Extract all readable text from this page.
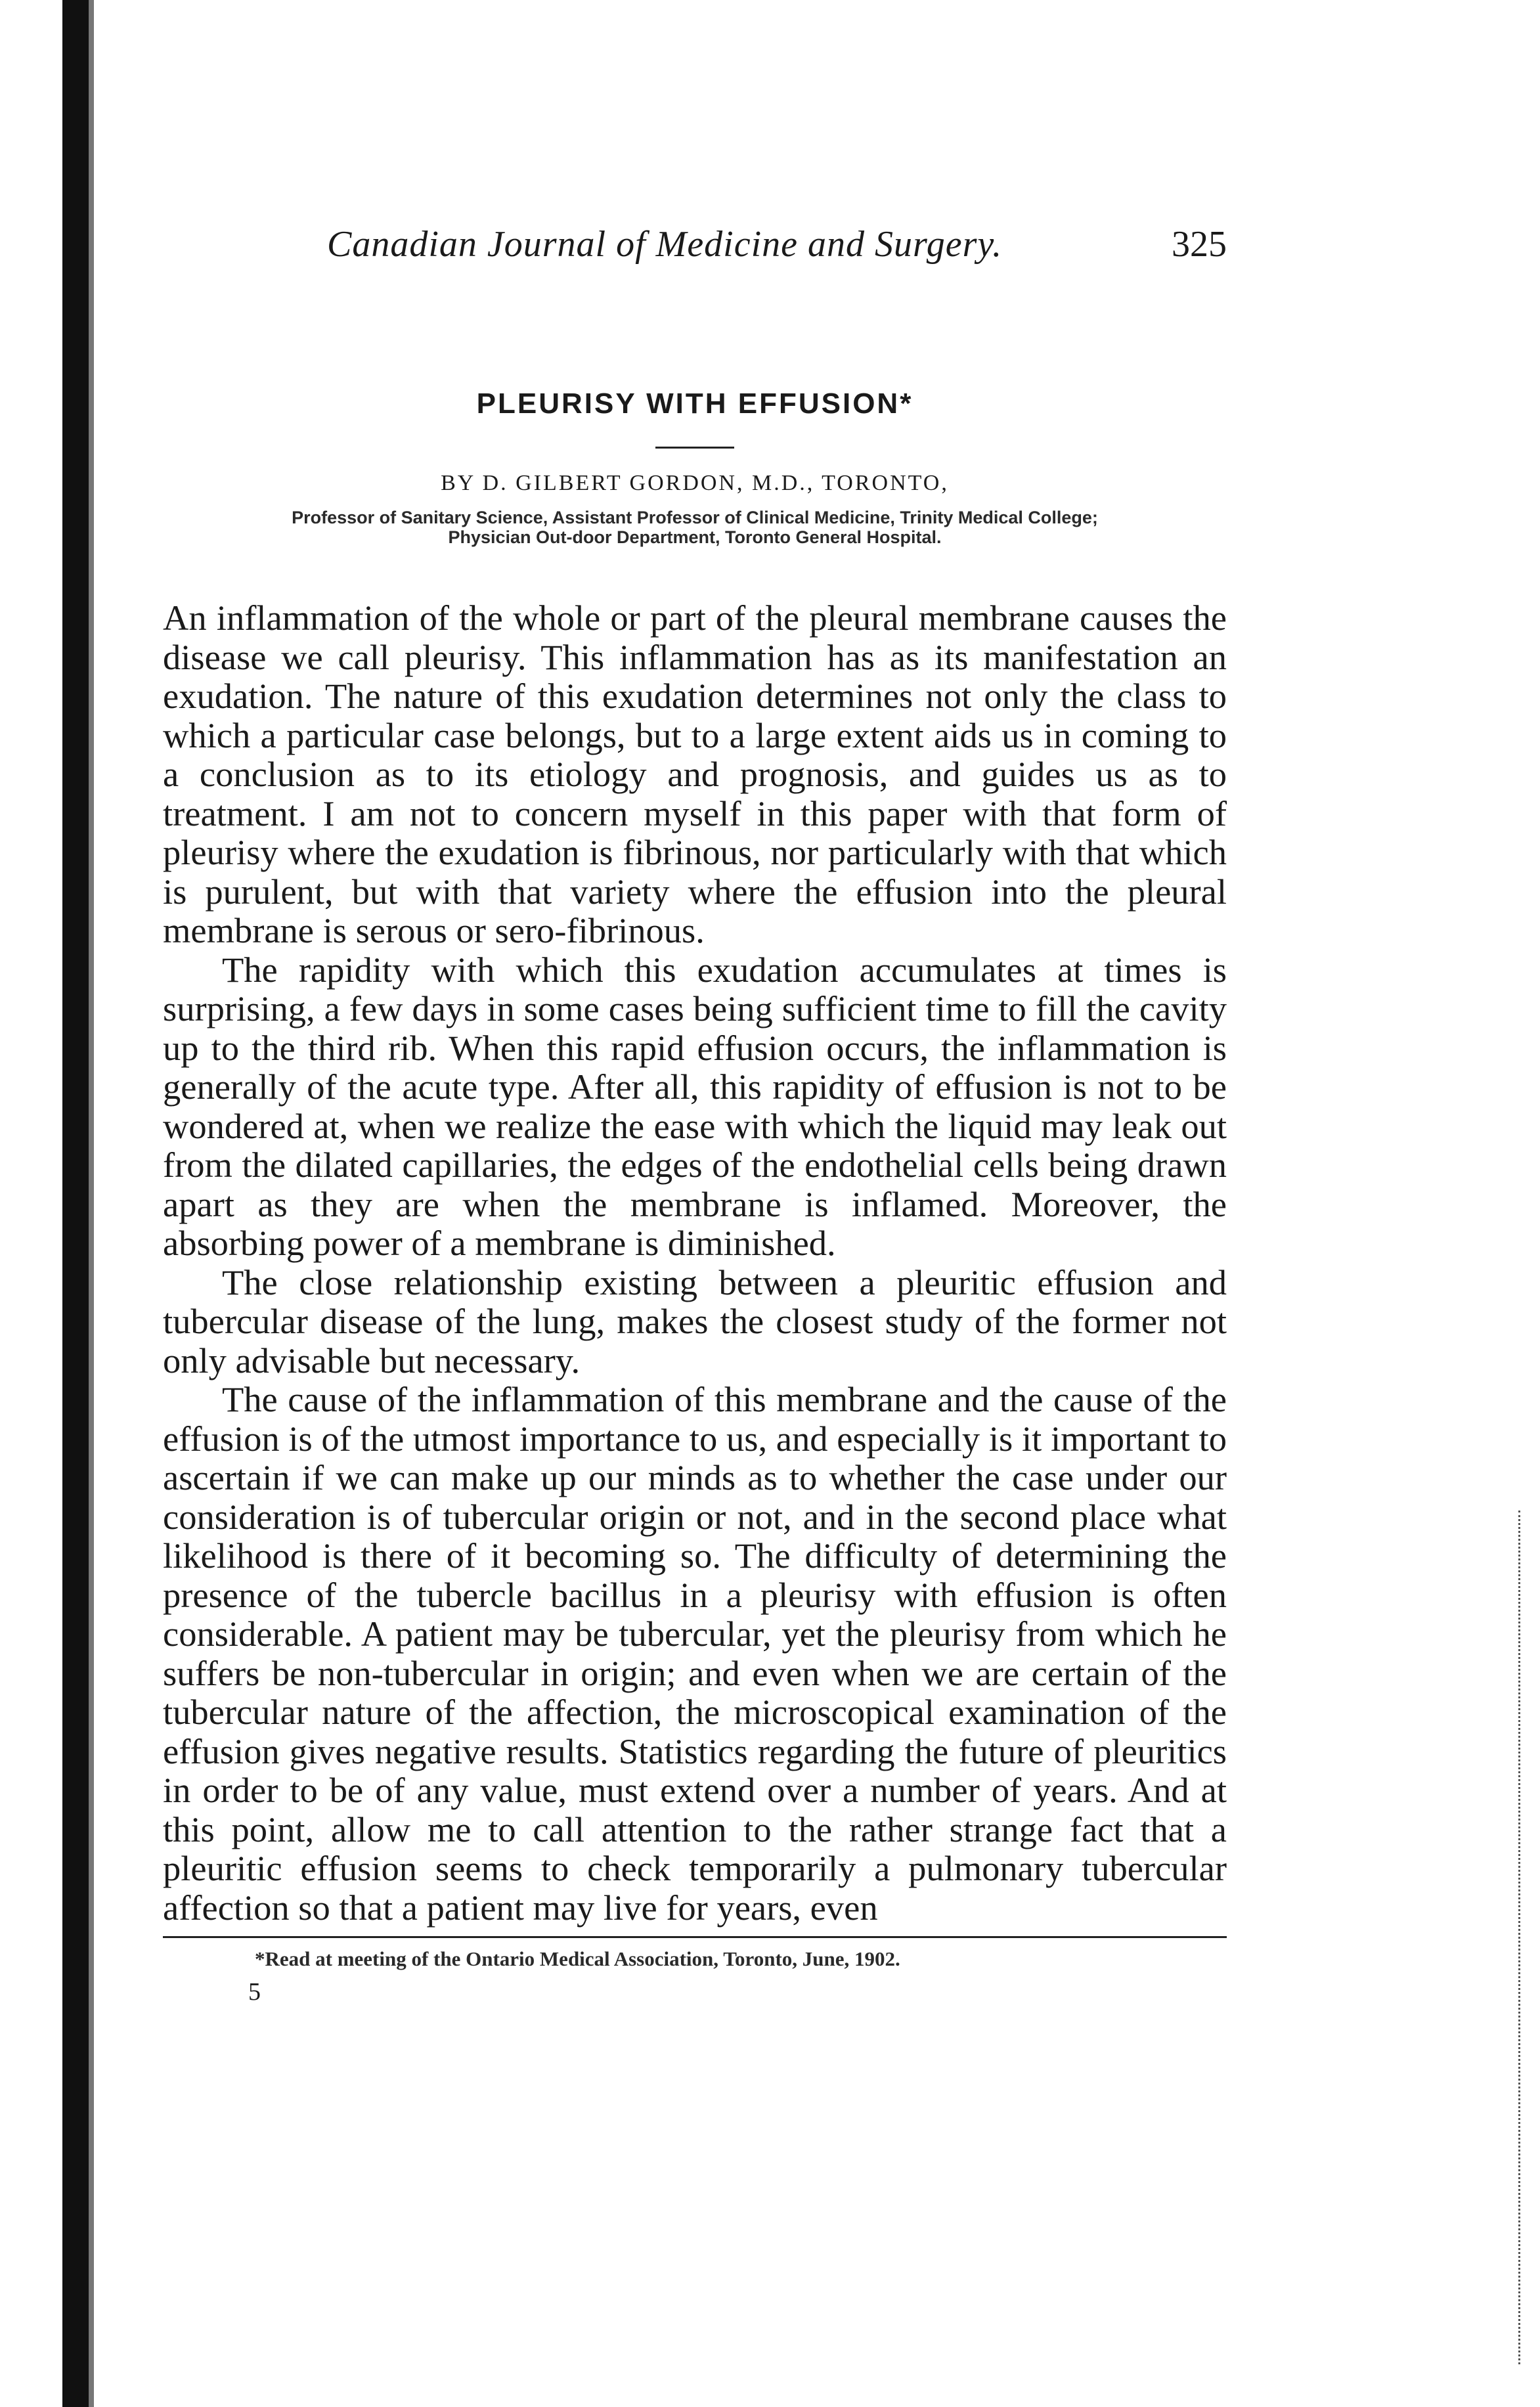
Canadian Journal of Medicine and Surgery.	325
PLEURISY WITH EFFUSION*
BY D. GILBERT GORDON, M.D., TORONTO,
Professor of Sanitary Science, Assistant Professor of Clinical Medicine, Trinity Medical College;
Physician Out-door Department, Toronto General Hospital.

An inflammation of the whole or part of the pleural membrane causes the disease we call pleurisy. This inflammation has as its manifestation an exudation. The nature of this exudation determines not only the class to which a particular case belongs, but to a large extent aids us in coming to a conclusion as to its etiology and prognosis, and guides us as to treatment. I am not to concern myself in this paper with that form of pleurisy where the exudation is fibrinous, nor particularly with that which is purulent, but with that variety where the effusion into the pleural membrane is serous or sero-fibrinous.

The rapidity with which this exudation accumulates at times is surprising, a few days in some cases being sufficient time to fill the cavity up to the third rib. When this rapid effusion occurs, the inflammation is generally of the acute type. After all, this rapidity of effusion is not to be wondered at, when we realize the ease with which the liquid may leak out from the dilated capillaries, the edges of the endothelial cells being drawn apart as they are when the membrane is inflamed. Moreover, the absorbing power of a membrane is diminished.

The close relationship existing between a pleuritic effusion and tubercular disease of the lung, makes the closest study of the former not only advisable but necessary.

The cause of the inflammation of this membrane and the cause of the effusion is of the utmost importance to us, and especially is it important to ascertain if we can make up our minds as to whether the case under our consideration is of tubercular origin or not, and in the second place what likelihood is there of it becoming so. The difficulty of determining the presence of the tubercle bacillus in a pleurisy with effusion is often considerable. A patient may be tubercular, yet the pleurisy from which he suffers be non-tubercular in origin; and even when we are certain of the tubercular nature of the affection, the microscopical examination of the effusion gives negative results. Statistics regarding the future of pleuritics in order to be of any value, must extend over a number of years. And at this point, allow me to call attention to the rather strange fact that a pleuritic effusion seems to check temporarily a pulmonary tubercular affection so that a patient may live for years, even

*Read at meeting of the Ontario Medical Association, Toronto, June, 1902.
5
